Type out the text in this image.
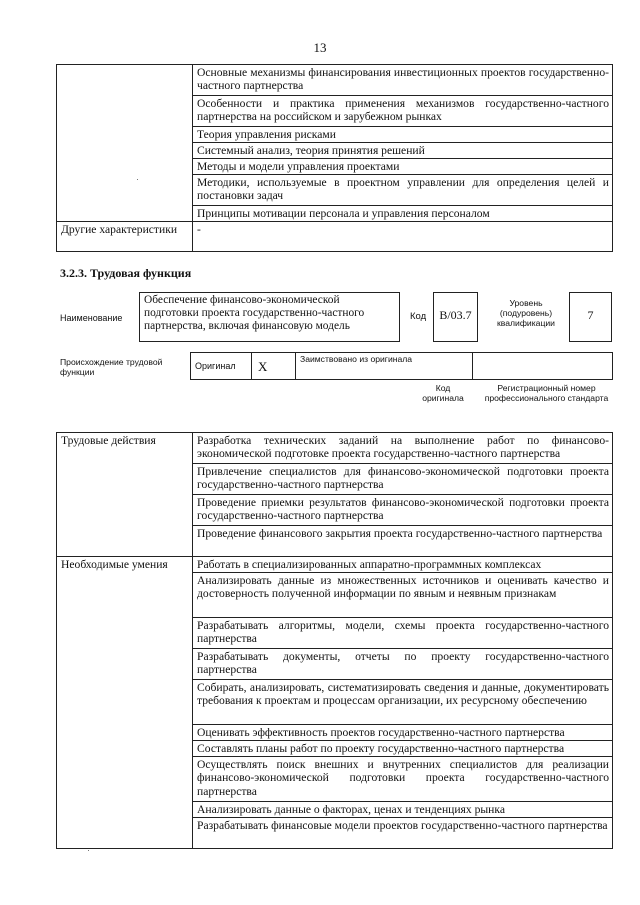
13
	Основные механизмы финансирования инвестиционных проектов государственно-частного партнерства
	Особенности и практика применения механизмов государственно-частного партнерства на российском и зарубежном рынках
	Теория управления рисками
	Системный анализ, теория принятия решений
	Методы и модели управления проектами
	Методики, используемые в проектном управлении для определения целей и постановки задач
	Принципы мотивации персонала и управления персоналом
Другие характеристики	-
3.2.3. Трудовая функция
Наименование
Обеспечение финансово-экономической подготовки проекта государственно-частного партнерства, включая финансовую модель
Код	B/03.7
Уровень (подуровень) квалификации
7
Происхождение трудовой функции
Оригинал	X	Заимствовано из оригинала	
Код оригинала
Регистрационный номер профессионального стандарта
Трудовые действия	Разработка технических заданий на выполнение работ по финансово-экономической подготовке проекта государственно-частного партнерства
	Привлечение специалистов для финансово-экономической подготовки проекта государственно-частного партнерства
	Проведение приемки результатов финансово-экономической подготовки проекта государственно-частного партнерства
	Проведение финансового закрытия проекта государственно-частного партнерства
Необходимые умения	Работать в специализированных аппаратно-программных комплексах
	Анализировать данные из множественных источников и оценивать качество и достоверность полученной информации по явным и неявным признакам
	Разрабатывать алгоритмы, модели, схемы проекта государственно-частного партнерства
	Разрабатывать документы, отчеты по проекту государственно-частного партнерства
	Собирать, анализировать, систематизировать сведения и данные, документировать требования к проектам и процессам организации, их ресурсному обеспечению
	Оценивать эффективность проектов государственно-частного партнерства
	Составлять планы работ по проекту государственно-частного партнерства
	Осуществлять поиск внешних и внутренних специалистов для реализации финансово-экономической подготовки проекта государственно-частного партнерства
	Анализировать данные о факторах, ценах и тенденциях рынка
	Разрабатывать финансовые модели проектов государственно-частного партнерства
